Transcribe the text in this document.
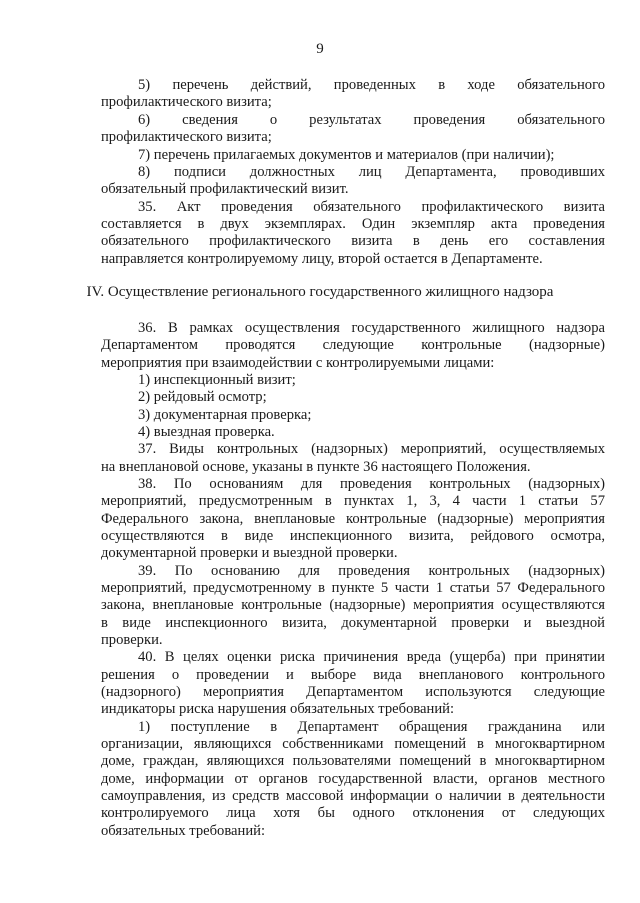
9
5) перечень действий, проведенных в ходе обязательного
профилактического визита;
6) сведения о результатах проведения обязательного
профилактического визита;
7) перечень прилагаемых документов и материалов (при наличии);
8) подписи должностных лиц Департамента, проводивших
обязательный профилактический визит.
35. Акт проведения обязательного профилактического визита
составляется в двух экземплярах. Один экземпляр акта проведения
обязательного профилактического визита в день его составления
направляется контролируемому лицу, второй остается в Департаменте.
IV. Осуществление регионального государственного жилищного надзора
36. В рамках осуществления государственного жилищного надзора
Департаментом проводятся следующие контрольные (надзорные)
мероприятия при взаимодействии с контролируемыми лицами:
1) инспекционный визит;
2) рейдовый осмотр;
3) документарная проверка;
4) выездная проверка.
37. Виды контрольных (надзорных) мероприятий, осуществляемых
на внеплановой основе, указаны в пункте 36 настоящего Положения.
38. По основаниям для проведения контрольных (надзорных)
мероприятий, предусмотренным в пунктах 1, 3, 4 части 1 статьи 57
Федерального закона, внеплановые контрольные (надзорные) мероприятия
осуществляются в виде инспекционного визита, рейдового осмотра,
документарной проверки и выездной проверки.
39. По основанию для проведения контрольных (надзорных)
мероприятий, предусмотренному в пункте 5 части 1 статьи 57 Федерального
закона, внеплановые контрольные (надзорные) мероприятия осуществляются
в виде инспекционного визита, документарной проверки и выездной
проверки.
40. В целях оценки риска причинения вреда (ущерба) при принятии
решения о проведении и выборе вида внепланового контрольного
(надзорного) мероприятия Департаментом используются следующие
индикаторы риска нарушения обязательных требований:
1) поступление в Департамент обращения гражданина или
организации, являющихся собственниками помещений в многоквартирном
доме, граждан, являющихся пользователями помещений в многоквартирном
доме, информации от органов государственной власти, органов местного
самоуправления, из средств массовой информации о наличии в деятельности
контролируемого лица хотя бы одного отклонения от следующих
обязательных требований:
